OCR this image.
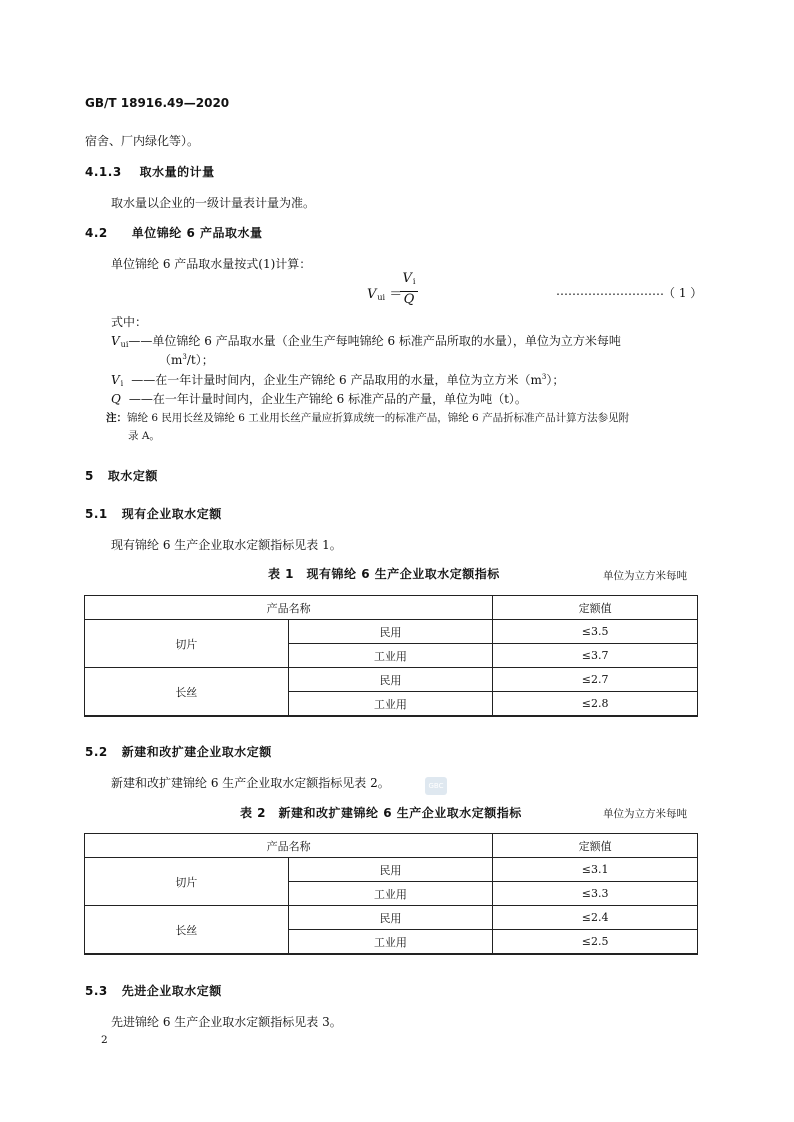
GB/T 18916.49—2020
宿舍、厂内绿化等）。
4.1.3 取水量的计量
取水量以企业的一级计量表计量为准。
4.2 单位锦纶 6 产品取水量
单位锦纶 6 产品取水量按式(1)计算：
$V_{ui}$ ＝
$V_i$
Q
……………………… （ 1 ）
式中：
$V_{ui}——$单位锦纶 6 产品取水量（企业生产每吨锦纶 6 标准产品所取的水量），单位为立方米每吨
$(m^3/t)$；
$V_i$ ——在一年计量时间内，企业生产锦纶 6 产品取用的水量，单位为立方米$(m^3)$；
Q ——在一年计量时间内，企业生产锦纶 6 标准产品的产量，单位为吨（t）。
注：锦纶 6 民用长丝及锦纶 6 工业用长丝产量应折算成统一的标准产品，锦纶 6 产品折标准产品计算方法参见附
录 A。
5 取水定额
5.1 现有企业取水定额
现有锦纶 6 生产企业取水定额指标见表 1。
表 1　现有锦纶 6 生产企业取水定额指标	单位为立方米每吨
产品名称		定额值
切片	民用	≤3.5
	工业用	≤3.7
长丝	民用	≤2.7
	工业用	≤2.8
5.2 新建和改扩建企业取水定额
新建和改扩建锦纶 6 生产企业取水定额指标见表 2。	GBC
表 2　新建和改扩建锦纶 6 生产企业取水定额指标	单位为立方米每吨
产品名称		定额值
切片	民用	≤3.1
	工业用	≤3.3
长丝	民用	≤2.4
	工业用	≤2.5
5.3 先进企业取水定额
先进锦纶 6 生产企业取水定额指标见表 3。
2
